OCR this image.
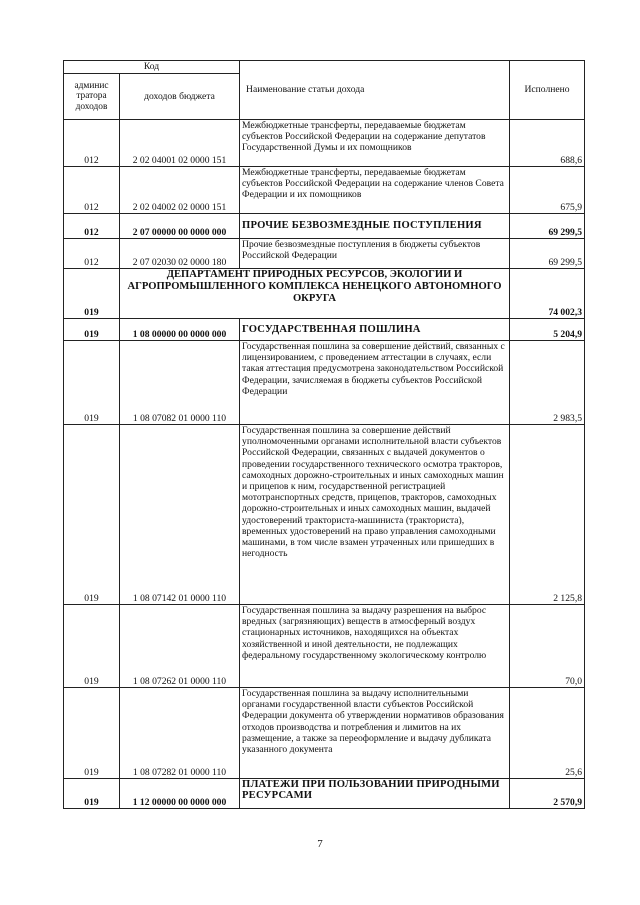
Код		Наименование статьи дохода	Исполнено
админис
тратора
доходов	доходов бюджета		
012	2 02 04001 02 0000 151	Межбюджетные трансферты, передаваемые бюджетам субъектов Российской Федерации на содержание депутатов Государственной Думы и их помощников	688,6
012	2 02 04002 02 0000 151	Межбюджетные трансферты, передаваемые бюджетам субъектов Российской Федерации на содержание членов Совета Федерации и их помощников	675,9
012	2 07 00000 00 0000 000	ПРОЧИЕ БЕЗВОЗМЕЗДНЫЕ ПОСТУПЛЕНИЯ	69 299,5
012	2 07 02030 02 0000 180	Прочие безвозмездные поступления в бюджеты субъектов Российской Федерации	69 299,5
019	ДЕПАРТАМЕНТ ПРИРОДНЫХ РЕСУРСОВ, ЭКОЛОГИИ И АГРОПРОМЫШЛЕННОГО КОМПЛЕКСА НЕНЕЦКОГО АВТОНОМНОГО ОКРУГА		74 002,3
019	1 08 00000 00 0000 000	ГОСУДАРСТВЕННАЯ ПОШЛИНА	5 204,9
019	1 08 07082 01 0000 110	Государственная пошлина за совершение действий, связанных с лицензированием, с проведением аттестации в случаях, если такая аттестация предусмотрена законодательством Российской Федерации, зачисляемая в бюджеты субъектов Российской Федерации	2 983,5
019	1 08 07142 01 0000 110	Государственная пошлина за совершение действий уполномоченными органами исполнительной власти субъектов Российской Федерации, связанных с выдачей документов о проведении государственного технического осмотра тракторов, самоходных дорожно-строительных и иных самоходных машин и прицепов к ним, государственной регистрацией мототранспортных средств, прицепов, тракторов, самоходных дорожно-строительных и иных самоходных машин, выдачей удостоверений тракториста-машиниста (тракториста), временных удостоверений на право управления самоходными машинами, в том числе взамен утраченных или пришедших в негодность	2 125,8
019	1 08 07262 01 0000 110	Государственная пошлина за выдачу разрешения на выброс вредных (загрязняющих) веществ в атмосферный воздух стационарных источников, находящихся на объектах хозяйственной и иной деятельности, не подлежащих федеральному государственному экологическому контролю	70,0
019	1 08 07282 01 0000 110	Государственная пошлина за выдачу исполнительными органами государственной власти субъектов Российской Федерации документа об утверждении нормативов образования отходов производства и потребления и лимитов на их размещение, а также за переоформление и выдачу дубликата указанного документа	25,6
019	1 12 00000 00 0000 000	ПЛАТЕЖИ ПРИ ПОЛЬЗОВАНИИ ПРИРОДНЫМИ РЕСУРСАМИ	2 570,9
7
